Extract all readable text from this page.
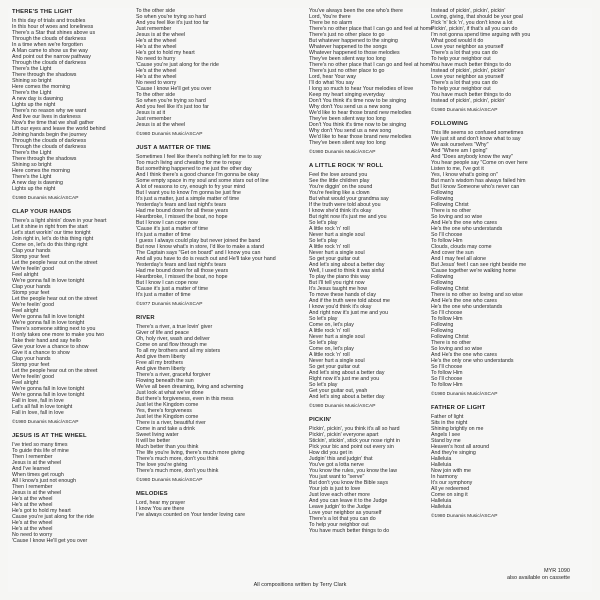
THERE'S THE LIGHT
In this day of trials and troubles
In this hour of woes and loneliness
There's a Star that shines above us
Through the clouds of darkness
In a time when we're forgotten
A Man came to show us the way
And point out the narrow pathway
Through the clouds of darkness
There's the Light
There through the shadows
Shining so bright
Here comes the morning
There's the Light
A new day is dawning
Lights up the night
There's no reason why we want
And live our lives in darkness
Now's the time that we shall gather
Lift our eyes and leave the world behind
Joining hands begin the journey
Through the clouds of darkness
Through the clouds of darkness
There's the Light
There through the shadows
Shining so bright
Here comes the morning
There's the Light
A new day is dawning
Lights up the night
©1980 Dunamis Music/ASCAP
CLAP YOUR HANDS
There's a light shinin' down in your heart
Let it shine in right from the start
Let's start workin' our time tonight
Join right in, let's do this thing right
Come on, let's do this thing right
Clap your hands
Stomp your feet
Let the people hear out on the street
We're feelin' good
Feel alright
We're gonna fall in love tonight
Clap your hands
Stomp your feet
Let the people hear out on the street
We're feelin' good
Feel alright
We're gonna fall in love tonight
We're gonna fall in love tonight
There's someone sitting next to you
It only takes one more to make you two
Take their hand and say hello
Give your love a chance to show
Give it a chance to show
Clap your hands
Stomp your feet
Let the people hear out on the street
We're feelin' good
Feel alright
We're gonna fall in love tonight
We're gonna fall in love tonight
Fall in love, fall in love
Let's all fall in love tonight
Fall in love, fall in love
©1980 Dunamis Music/ASCAP
JESUS IS AT THE WHEEL
I've tried so many times
To guide this life of mine
Then I remember
Jesus is at the wheel
And I've learned
When times get rough
All I know's just not enough
Then I remember
Jesus is at the wheel
He's at the wheel
He's at the wheel
He's got to hold my heart
Cause you're just along for the ride
He's at the wheel
He's at the wheel
No need to worry
'Cause I know He'll get you over
To the other side
So when you're trying so hard
And you feel like it's just too far
Just remember
Jesus is at the wheel
He's at the wheel
He's at the wheel
He's got to hold my heart
No need to hurry
'Cause you're just along for the ride
He's at the wheel
He's at the wheel
No need to worry
'Cause I know He'll get you over
To the other side
So when you're trying so hard
And you feel like it's just too far
Jesus is at it
Just remember
Jesus is at the wheel
©1980 Dunamis Music/ASCAP
JUST A MATTER OF TIME
Sometimes I feel like there's nothing left for me to say
Too much living and cheating for me to repay
But something happened to me just the other day
And I think there's a good chance I'm gonna be okay
Some empty space in my soul and some stars out of line
A lot of reasons to cry, enough to fry your mind
But I want you to know I'm gonna be just fine
It's just a matter, just a simple matter of time
Yesterday's fears and last night's tears
Had me bound down for all these years
Heartbroke, I missed the boat, no hope
But I know I can cope now
'Cause it's just a matter of time
It's just a matter of time
I guess I always could play but never joined the band
But now I know what's in store, I'd like to make a stand
The Captain says "Get on board" and I know you can
And all you have to do is reach out and He'll take your hand
Yesterday's fears and last night's tears
Had me bound down for all those years
Heartbroke, I missed the boat, no hope
But I know I can cope now
'Cause it's just a matter of time
It's just a matter of time
©1977 Dunamis Music/ASCAP
RIVER
There's a river, a true lovin' giver
Giver of life and peace
Oh, holy river, wash and deliver
Come on and flow through me
To all my brothers and all my sisters
And give them liberty
Free all my brothers
And give them liberty
There's a river, graceful forgiver
Flowing beneath the sun
We've all been dreaming, living and scheming
Just look at what we've done
But there's forgiveness, even in this mess
Just let the Kingdom come
Yes, there's forgiveness
Just let the Kingdom come
There is a river, beautiful river
Come in and take a drink
Sweet living water
It will be better
Much better than you think
The life you're living, there's much more giving
There's much more, don't you think
The love you're giving
There's much more, don't you think
©1980 Dunamis Music/ASCAP
MELODIES
Lord, hear my prayer
I know You are there
I've always counted on Your tender loving care
You've always been the one who's there
Lord, You're there
There be no alarm
There's no other place that I can go and feel at home
There's just no other place to go
But whatever happened to the singing
Whatever happened to the songs
Whatever happened to those melodies
They've been silent way too long
There's no other place that I can go and feel at home
There's just no other place to go
Lord, hear Your way
I'll do what You say
I long so much to hear Your melodies of love
Keep my heart singing everyday
Don't You think it's time now to be singing
Why don't You send us a new song
We'd like to hear those brand new melodies
They've been silent way too long
Don't You think it's time now to be singing
Why don't You send us a new song
We'd like to hear those brand new melodies
They've been silent way too long
©1980 Dunamis Music/ASCAP
A LITTLE ROCK 'N' ROLL
Feel the love around you
See the little children play
You're diggin' on the sound
You're feeling like a clown
But what would your grandma say
If the truth were told about you
I know she'd think it's okay
But right now it's just me and you
So let's play
A little rock 'n' roll
Never hurt a single soul
So let's play
A little rock 'n' roll
Never hurt a single soul
So get your guitar out
And let's sing about a better day
Well, I used to think it was sinful
To play the piano this way
But I'll tell you right now
It's Jesus taught me how
To move these hands of clay
And if the truth were told about me
I know you'd think it's okay
And right now it's just me and you
So let's play
Come on, let's play
A little rock 'n' roll
Never hurt a single soul
So let's play
Come on, let's play
A little rock 'n' roll
Never hurt a single soul
So get your guitar out
And let's sing about a better day
Right now it's just me and you
So let's play
Get your guitar out, yeah
And let's sing about a better day
©1980 Dunamis Music/ASCAP
PICKIN'
Pickin', pickin', you think it's all so hard
Pickin', pickin' everyone apart
Stickin', stickin', stick your nose right in
Pick your bic and point out every sin
How did you get in
Judgin' this and judgin' that
You've got a lotta nerve
You know the rules, you know the law
You just want to "serve"
But don't you know the Bible says
Your job is just to love
Just love each other more
And you can leave it to the Judge
Leave judgin' to the Judge
Love your neighbor as yourself
There's a lot that you can do
To help your neighbor out
You have much better things to do
Instead of pickin', pickin', pickin'
Loving, giving, that should be your goal
Pick 'n' lick 'n', you don't know a lot
Pickin', pickin', if that's all you can do
I'm not gonna spend time arguing with you
What good would it do
Love your neighbor as yourself
There's a lot that you can do
To help your neighbor out
You have much better things to do
Instead of pickin', pickin', pickin'
Love your neighbor as yourself
There's a lot that you can do
To help your neighbor out
You have much better things to do
Instead of pickin', pickin', pickin'
©1980 Dunamis Music/ASCAP
FOLLOWING
This life seems so confused sometimes
We just sit and don't know what to say
We ask ourselves "Why"
And "Where am I going"
And "Does anybody know the way"
You hear people say "Come on over here
Listen to me, I've got it
Yes, I know what's going on"
But man's wisdom has always failed him
But I know Someone who's never can
Following
Following
Following Christ
There is no other
So loving and so wise
And He's the one who cares
He's the one who understands
So I'll choose
To follow Him
Clouds, clouds may come
And cover the sun
And I may feel all alone
But Jesus' feet I can see right beside me
'Cause together we're walking home
Following
Following
Following Christ
There is no other so loving and so wise
And He's the one who cares
He's the one who understands
So I'll choose
To follow Him
Following
Following
Following Christ
There is no other
So loving and so wise
And He's the one who cares
He's the only one who understands
So I'll choose
To follow Him
So I'll choose
To follow Him
©1980 Dunamis Music/ASCAP
FATHER OF LIGHT
Father of light
Sits in the night
Shining brightly on me
Angels I see
Stand by me
Heaven's host all around
And they're singing
Halleluia
Halleluia
Now join with me
In harmony
It's our symphony
All ye redeemed
Come on sing it
Halleluia
Halleluia
©1980 Dunamis Music/ASCAP
All compositions written by Terry Clark
MYR 1090
also available on cassette
